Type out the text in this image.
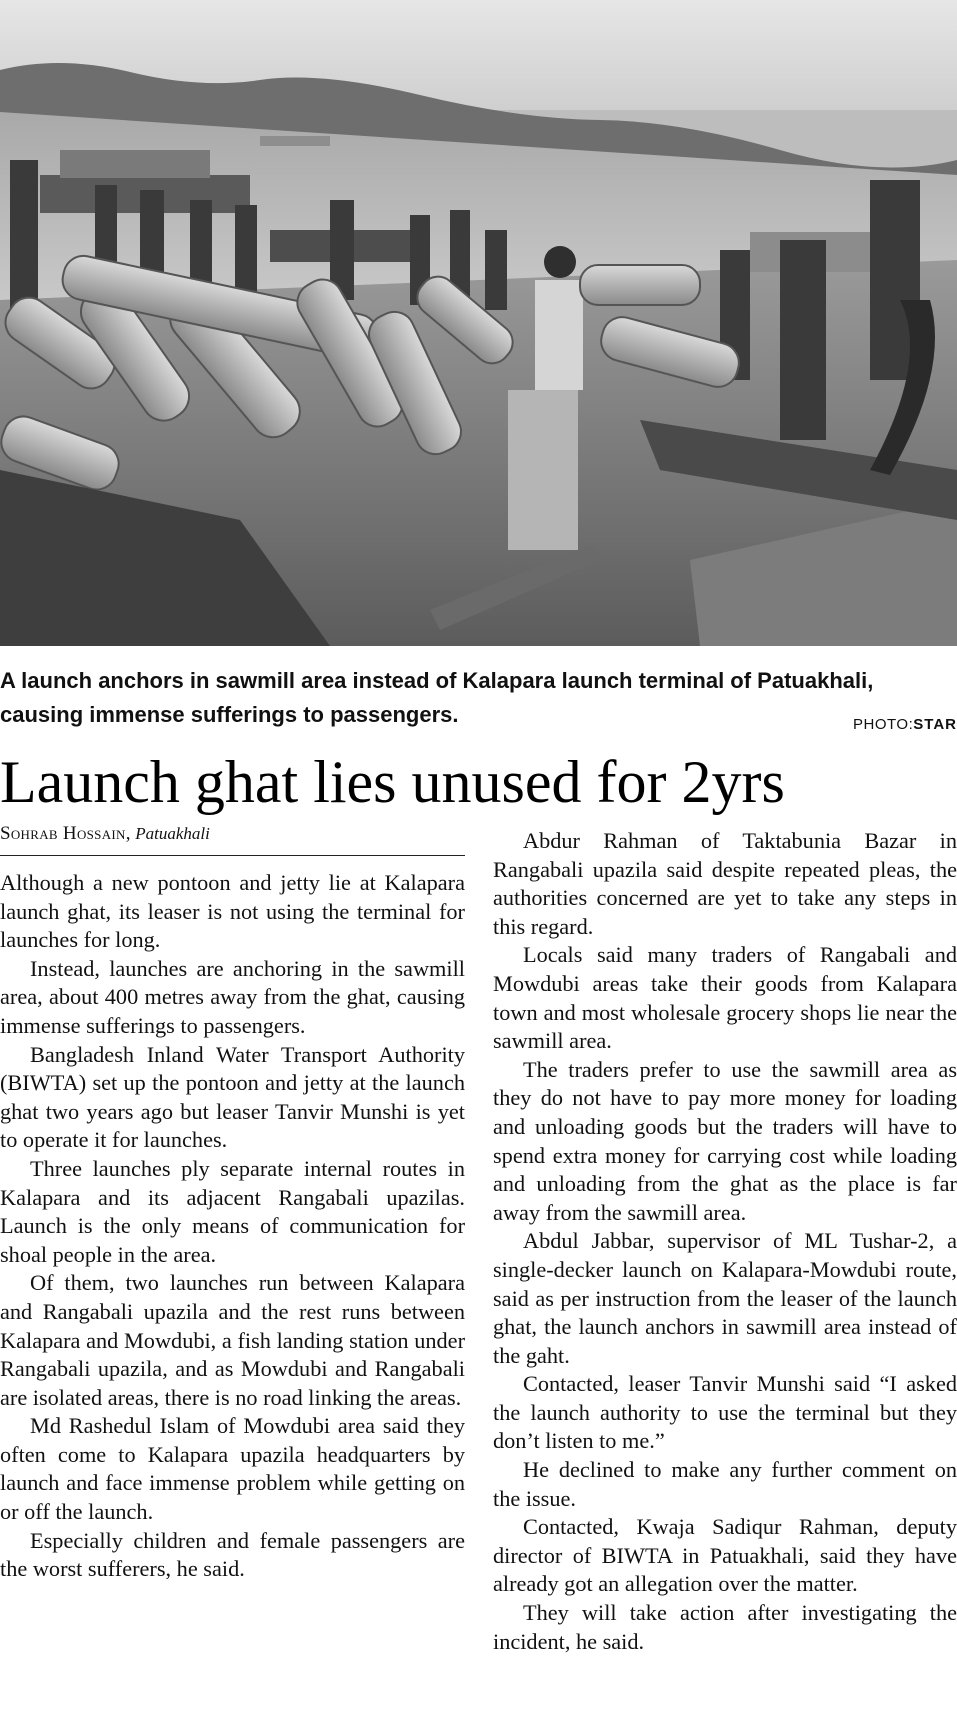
A launch anchors in sawmill area instead of Kalapara launch terminal of Patuakhali,
causing immense sufferings to passengers.	PHOTO:STAR
Launch ghat lies unused for 2yrs
Sohrab Hossain, Patuakhali

Although a new pontoon and jetty lie at Kalapara launch ghat, its leaser is not using the terminal for launches for long.

Instead, launches are anchoring in the sawmill area, about 400 metres away from the ghat, causing immense sufferings to passengers.

Bangladesh Inland Water Transport Authority (BIWTA) set up the pontoon and jetty at the launch ghat two years ago but leaser Tanvir Munshi is yet to operate it for launches.

Three launches ply separate internal routes in Kalapara and its adjacent Rangabali upazilas. Launch is the only means of communication for shoal people in the area.

Of them, two launches run between Kalapara and Rangabali upazila and the rest runs between Kalapara and Mowdubi, a fish landing station under Rangabali upazila, and as Mowdubi and Rangabali are isolated areas, there is no road linking the areas.

Md Rashedul Islam of Mowdubi area said they often come to Kalapara upazila headquarters by launch and face immense problem while getting on or off the launch.

Especially children and female passengers are the worst sufferers, he said.

Abdur Rahman of Taktabunia Bazar in Rangabali upazila said despite repeated pleas, the authorities concerned are yet to take any steps in this regard.

Locals said many traders of Rangabali and Mowdubi areas take their goods from Kalapara town and most wholesale grocery shops lie near the sawmill area.

The traders prefer to use the sawmill area as they do not have to pay more money for loading and unloading goods but the traders will have to spend extra money for carrying cost while loading and unloading from the ghat as the place is far away from the sawmill area.

Abdul Jabbar, supervisor of ML Tushar-2, a single-decker launch on Kalapara-Mowdubi route, said as per instruction from the leaser of the launch ghat, the launch anchors in sawmill area instead of the gaht.

Contacted, leaser Tanvir Munshi said “I asked the launch authority to use the terminal but they don’t listen to me.”

He declined to make any further comment on the issue.

Contacted, Kwaja Sadiqur Rahman, deputy director of BIWTA in Patuakhali, said they have already got an allegation over the matter.

They will take action after investigating the incident, he said.
